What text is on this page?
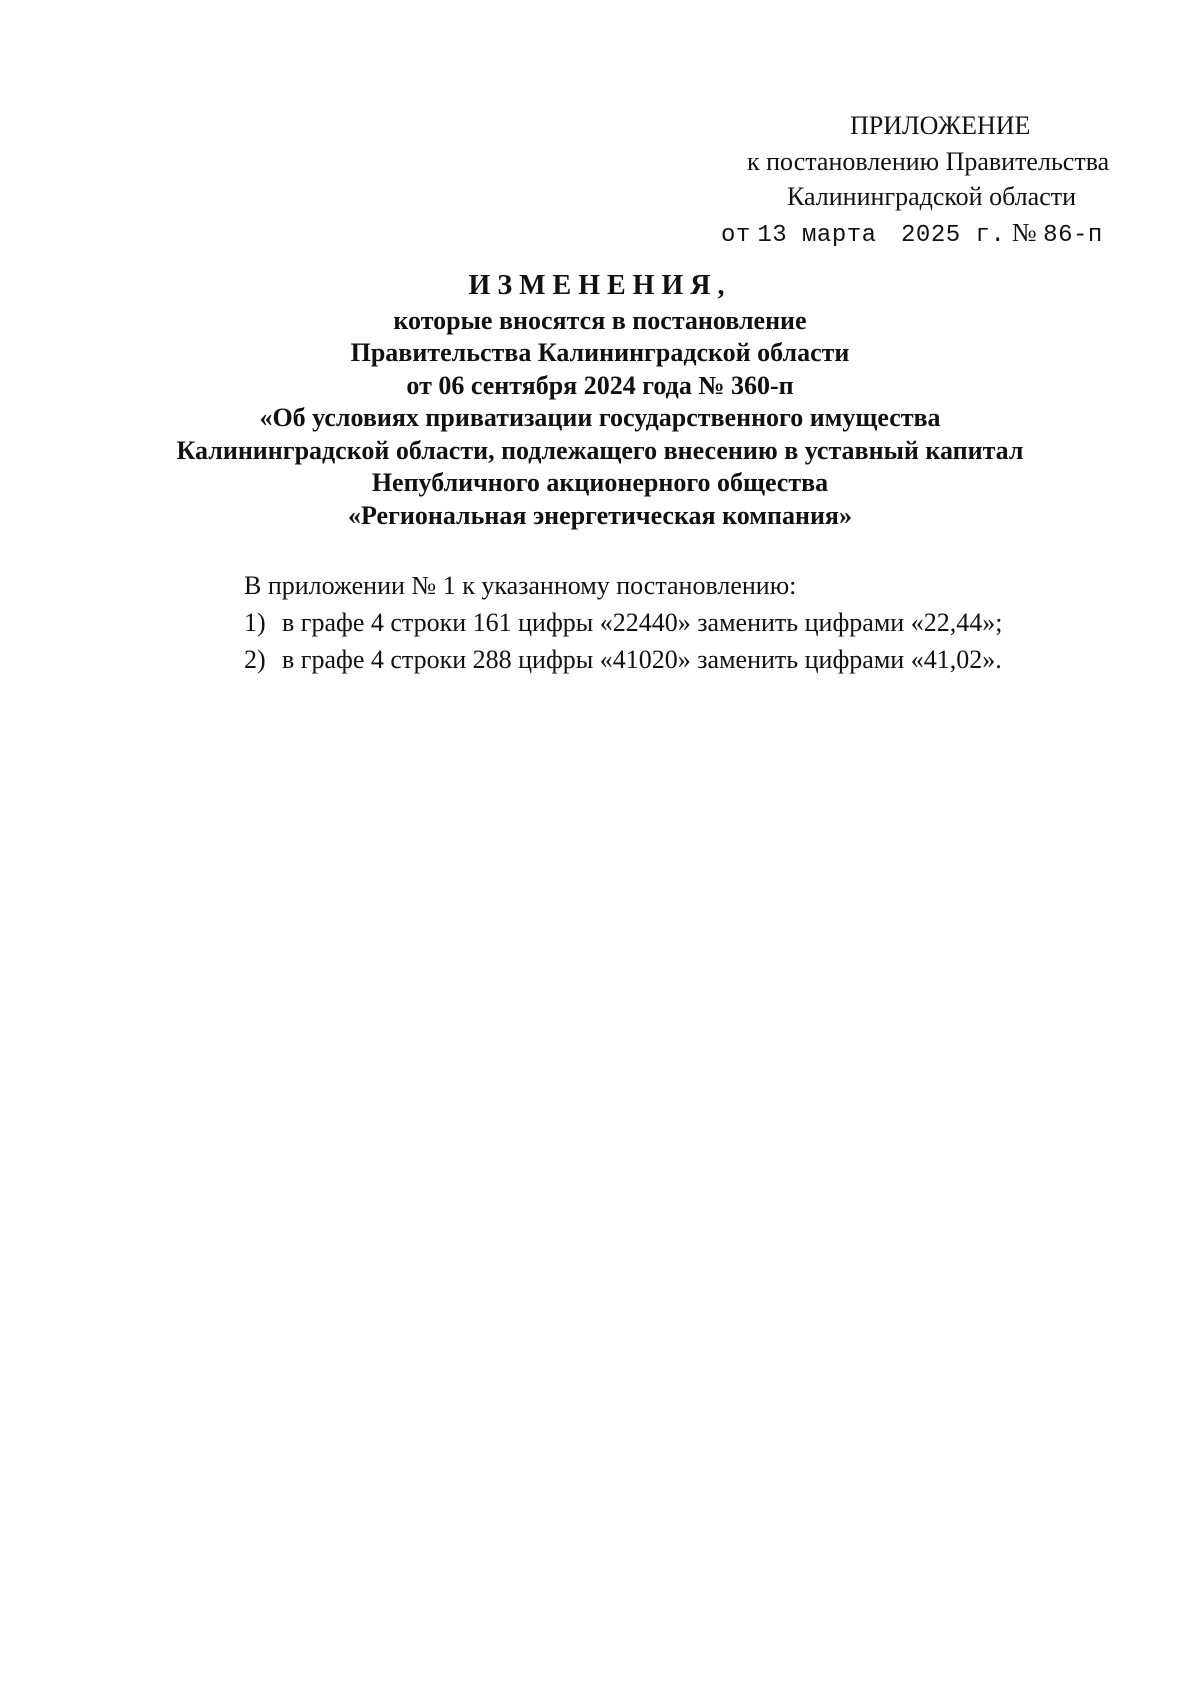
ПРИЛОЖЕНИЕ
к постановлению Правительства
Калининградской области
от 13 марта 2025 г. № 86-п
ИЗМЕНЕНИЯ,
которые вносятся в постановление
Правительства Калининградской области
от 06 сентября 2024 года № 360-п
«Об условиях приватизации государственного имущества
Калининградской области, подлежащего внесению в уставный капитал
Непубличного акционерного общества
«Региональная энергетическая компания»
В приложении № 1 к указанному постановлению:
1) в графе 4 строки 161 цифры «22440» заменить цифрами «22,44»;
2) в графе 4 строки 288 цифры «41020» заменить цифрами «41,02».
